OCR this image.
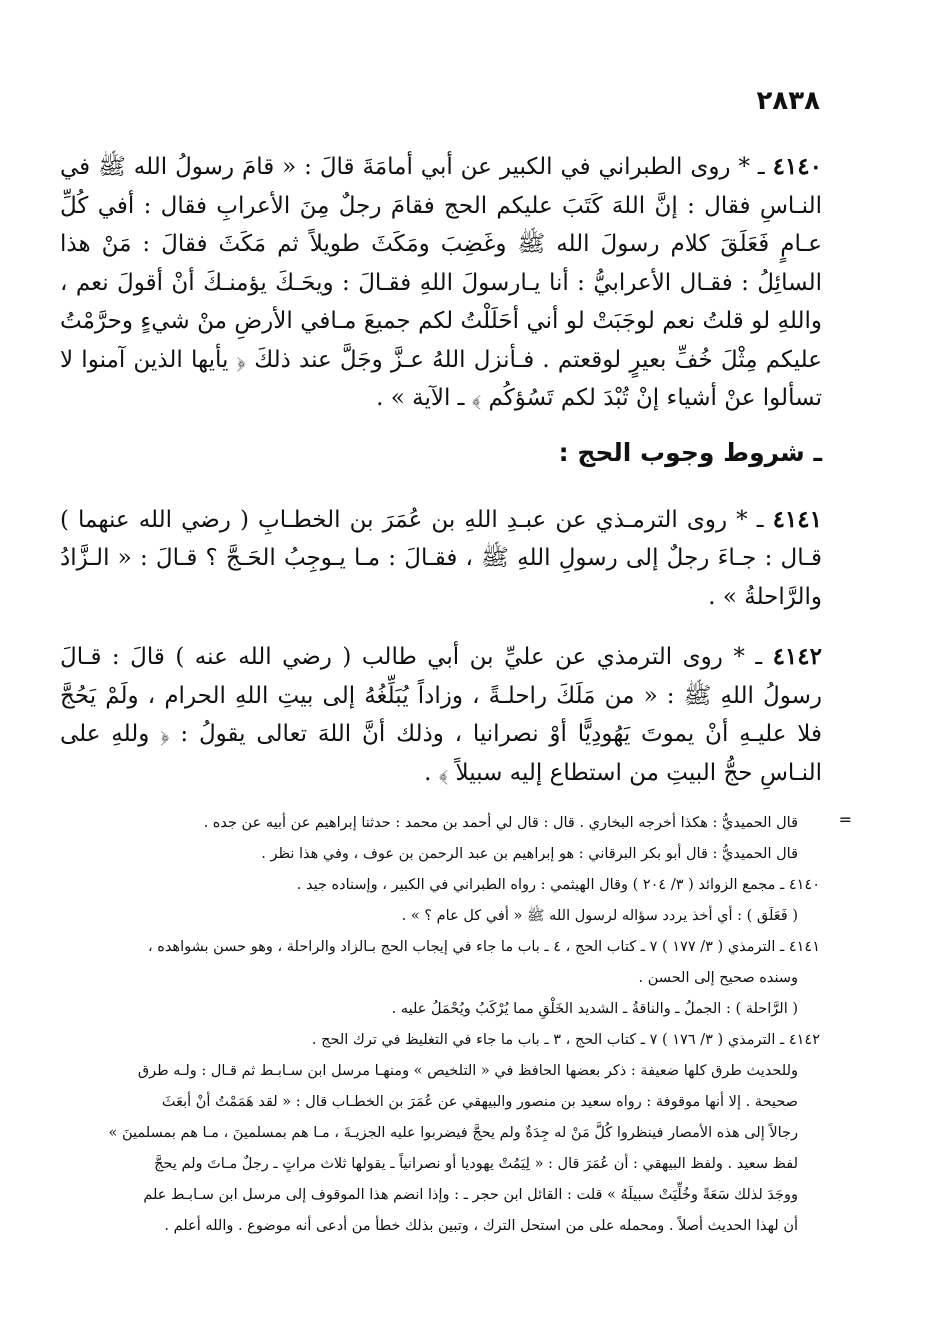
٢٨٣٨

٤١٤٠ ـ * روى الطبراني في الكبير عن أبي أمامَةَ قالَ : « قامَ رسولُ الله ﷺ في النـاسِ فقال : إنَّ اللهَ كَتَبَ عليكم الحج فقامَ رجلٌ مِنَ الأعرابِ فقال : أفي كُلِّ عـامٍ فَعَلَقَ كلام رسولَ الله ﷺ وغَضِبَ ومَكَثَ طويلاً ثم مَكَثَ فقالَ : مَنْ هذا السائِلُ : فقـال الأعرابيُّ : أنا يـارسولَ اللهِ فقـالَ : ويحَـكَ يؤمنـكَ أنْ أقولَ نعم ، واللهِ لو قلتُ نعم لوجَبَتْ لو أني أحَلَلْتُ لكم جميعَ مـافي الأرضِ منْ شيءٍ وحرَّمْتُ عليكم مِثْلَ خُفِّ بعيرٍ لوقعتم . فـأنزل اللهُ عـزَّ وجَلَّ عند ذلكَ ﴿ يأيها الذين آمنوا لا تسألوا عنْ أشياء إنْ تُبْدَ لكم تَسُؤكُم ﴾ ـ الآية » .

ـ شروط وجوب الحج :

٤١٤١ ـ * روى الترمـذي عن عبـدِ اللهِ بن عُمَرَ بن الخطـابِ ( رضي الله عنهما ) قـال : جـاءَ رجلٌ إلى رسولِ اللهِ ﷺ ، فقـالَ : مـا يـوجِبُ الحَـجَّ ؟ قـالَ : « الـزَّادُ والرَّاحلةُ » .

٤١٤٢ ـ * روى الترمذي عن عليِّ بن أبي طالب ( رضي الله عنه ) قالَ : قـالَ رسولُ اللهِ ﷺ : « من مَلَكَ راحلـةً ، وزاداً يُبَلِّغُهُ إلى بيتِ اللهِ الحرام ، ولَمْ يَحُجَّ فلا عليـهِ أنْ يموتَ يَهُودِيًّا أوْ نصرانيا ، وذلك أنَّ اللهَ تعالى يقولُ : ﴿ وللهِ على النـاسِ حجُّ البيتِ من استطاع إليه سبيلاً ﴾ .

=
قال الحميديُّ : هكذا أخرجه البخاري . قال : قال لي أحمد بن محمد : حدثنا إبراهيم عن أبيه عن جده .
قال الحميديُّ : قال أبو بكر البرقاني : هو إبراهيم بن عبد الرحمن بن عوف ، وفي هذا نظر .
٤١٤٠ ـ مجمع الزوائد ( ٣/ ٢٠٤ ) وقال الهيثمي : رواه الطبراني في الكبير ، وإسناده جيد .
( فَعَلَق ) : أي أخذ يردد سؤاله لرسول الله ﷺ « أفي كل عام ؟ » .
٤١٤١ ـ الترمذي ( ٣/ ١٧٧ ) ٧ ـ كتاب الحج ، ٤ ـ باب ما جاء في إيجاب الحج بـالزاد والراحلة ، وهو حسن بشواهده ،
وسنده صحيح إلى الحسن .
( الرَّاحلة ) : الجملُ ـ والناقةُ ـ الشديد الخَلْقِ مما يُرْكَبُ ويُحْمَلُ عليه .
٤١٤٢ ـ الترمذي ( ٣/ ١٧٦ ) ٧ ـ كتاب الحج ، ٣ ـ باب ما جاء في التغليظ في ترك الحج .
وللحديث طرق كلها ضعيفة : ذكر بعضها الحافظ في « التلخيص » ومنهـا مرسل ابن سـابـط ثم قـال : ولـه طرق
صحيحة . إلا أنها موقوفة : رواه سعيد بن منصور والبيهقي عن عُمَرَ بن الخطـاب قال : « لقد هَمَمْتُ أنْ أبعَثَ
رجالاً إلى هذه الأمصار فينظروا كُلَّ مَنْ له جِدَةٌ ولم يحجَّ فيضربوا عليه الجزيـةَ ، مـا هم بمسلمينَ ، مـا هم بمسلمينَ »
لفظ سعيد . ولفظ البيهقي : أن عُمَرَ قال : « لِيَمُتْ يهوديا أو نصرانياً ـ يقولها ثلاث مراتٍ ـ رجلٌ مـاتَ ولم يحجَّ
ووجَدَ لذلك سَعَةً وخُلِّيَتْ سبيلَهُ » قلت : القائل ابن حجر ـ : وإذا انضم هذا الموقوف إلى مرسل ابن سـابـط علم
أن لهذا الحديث أصلاً . ومحمله على من استحل الترك ، وتبين بذلك خطأ من أدعى أنه موضوع . والله أعلم .
